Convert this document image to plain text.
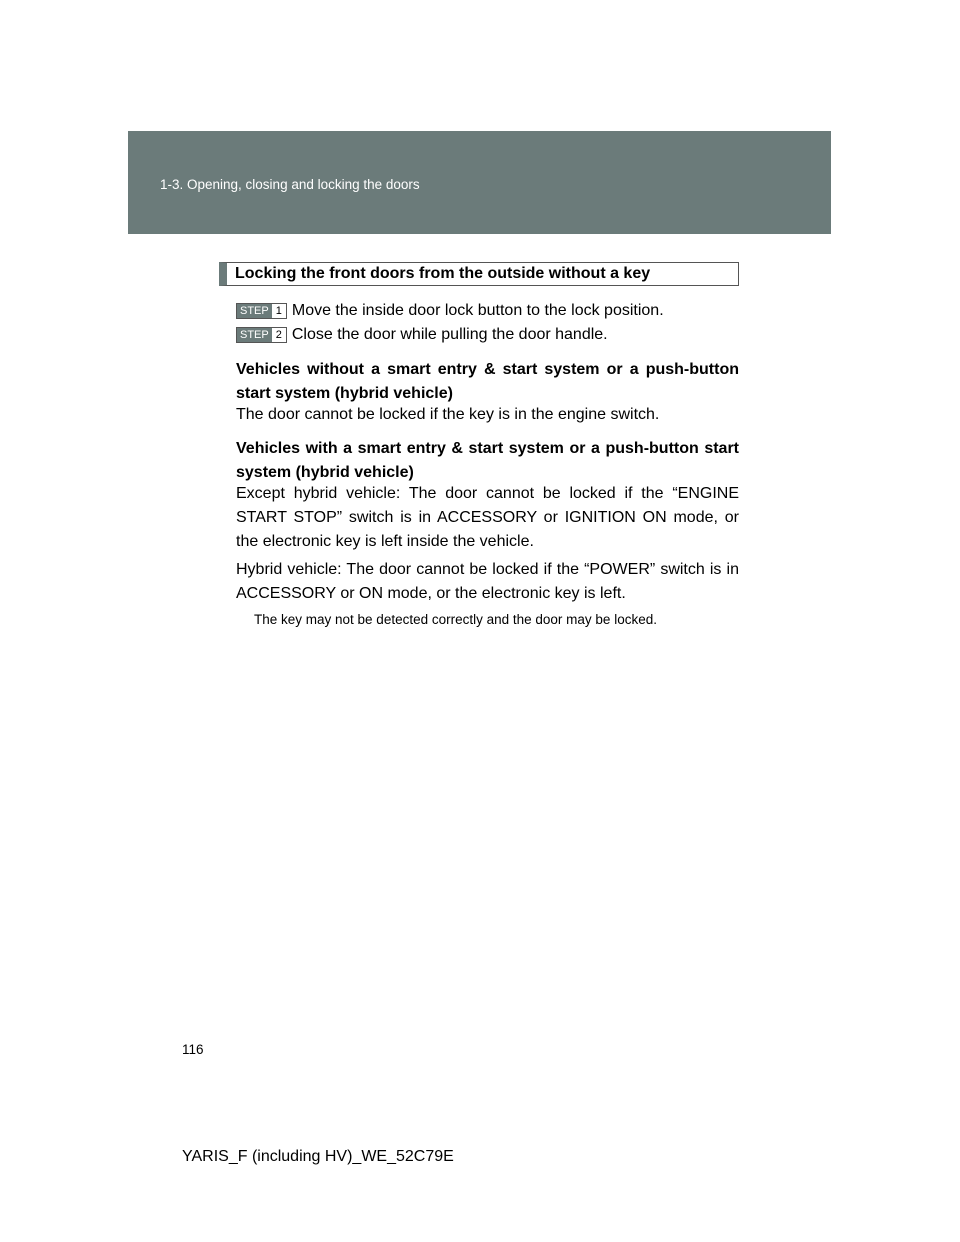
1-3. Opening, closing and locking the doors
Locking the front doors from the outside without a key
STEP 1 Move the inside door lock button to the lock position.
STEP 2 Close the door while pulling the door handle.
Vehicles without a smart entry & start system or a push-button start system (hybrid vehicle)
The door cannot be locked if the key is in the engine switch.
Vehicles with a smart entry & start system or a push-button start system (hybrid vehicle)
Except hybrid vehicle: The door cannot be locked if the “ENGINE START STOP” switch is in ACCESSORY or IGNITION ON mode, or the electronic key is left inside the vehicle.
Hybrid vehicle: The door cannot be locked if the “POWER” switch is in ACCESSORY or ON mode, or the electronic key is left.
The key may not be detected correctly and the door may be locked.
116
YARIS_F (including HV)_WE_52C79E
